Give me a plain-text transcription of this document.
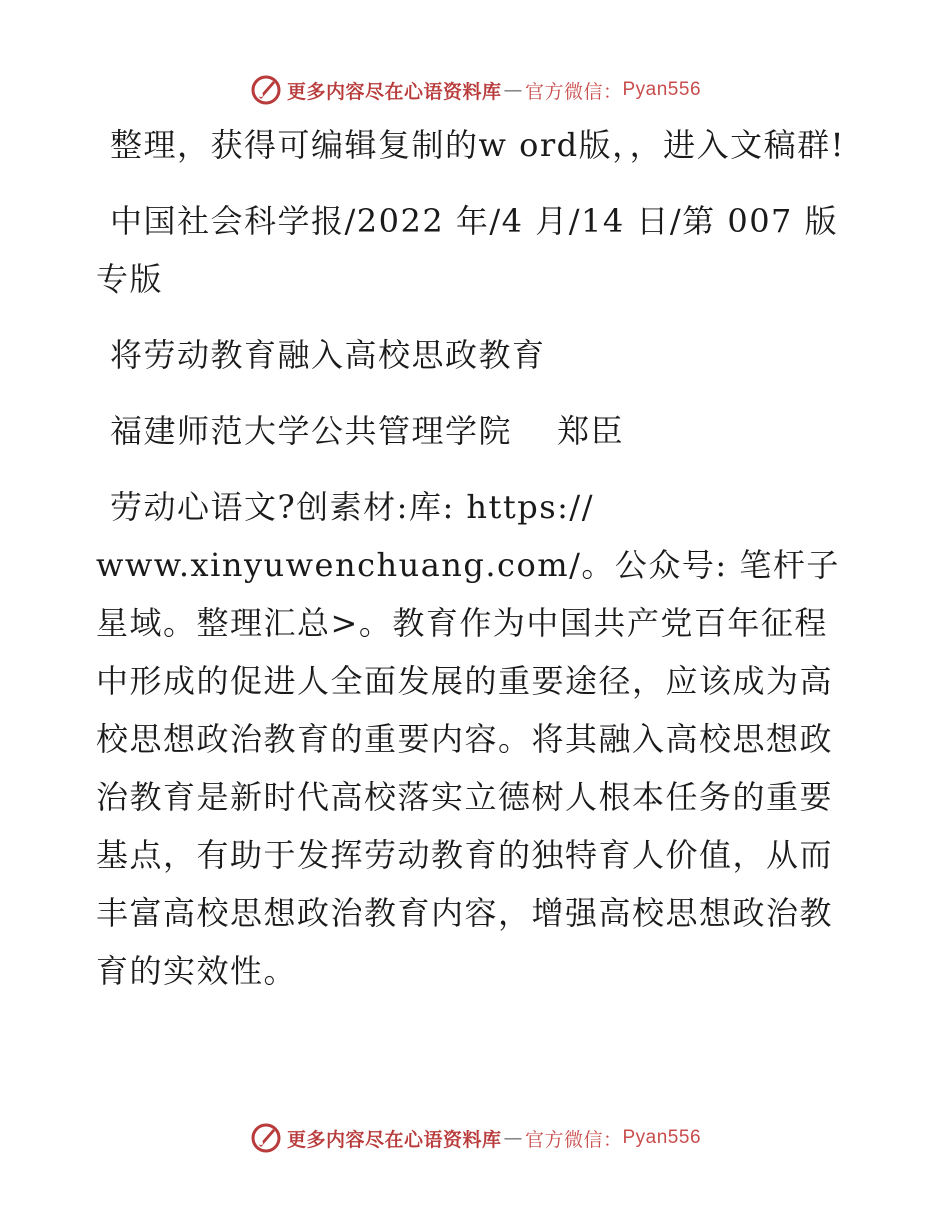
更多内容尽在心语资料库 — 官方微信： Pyan556

整理，获得可编辑复制的w ord版，，进入文稿群!

中国社会科学报/2022 年/4 月/14 日/第 007 版专版

将劳动教育融入高校思政教育

福建师范大学公共管理学院　 郑臣

劳动心语文?创素材:库: https://
www.xinyuwenchuang.com/。公众号: 笔杆子星域。整理汇总>。教育作为中国共产党百年征程中形成的促进人全面发展的重要途径，应该成为高校思想政治教育的重要内容。将其融入高校思想政治教育是新时代高校落实立德树人根本任务的重要基点，有助于发挥劳动教育的独特育人价值，从而丰富高校思想政治教育内容，增强高校思想政治教育的实效性。

更多内容尽在心语资料库 — 官方微信： Pyan556
